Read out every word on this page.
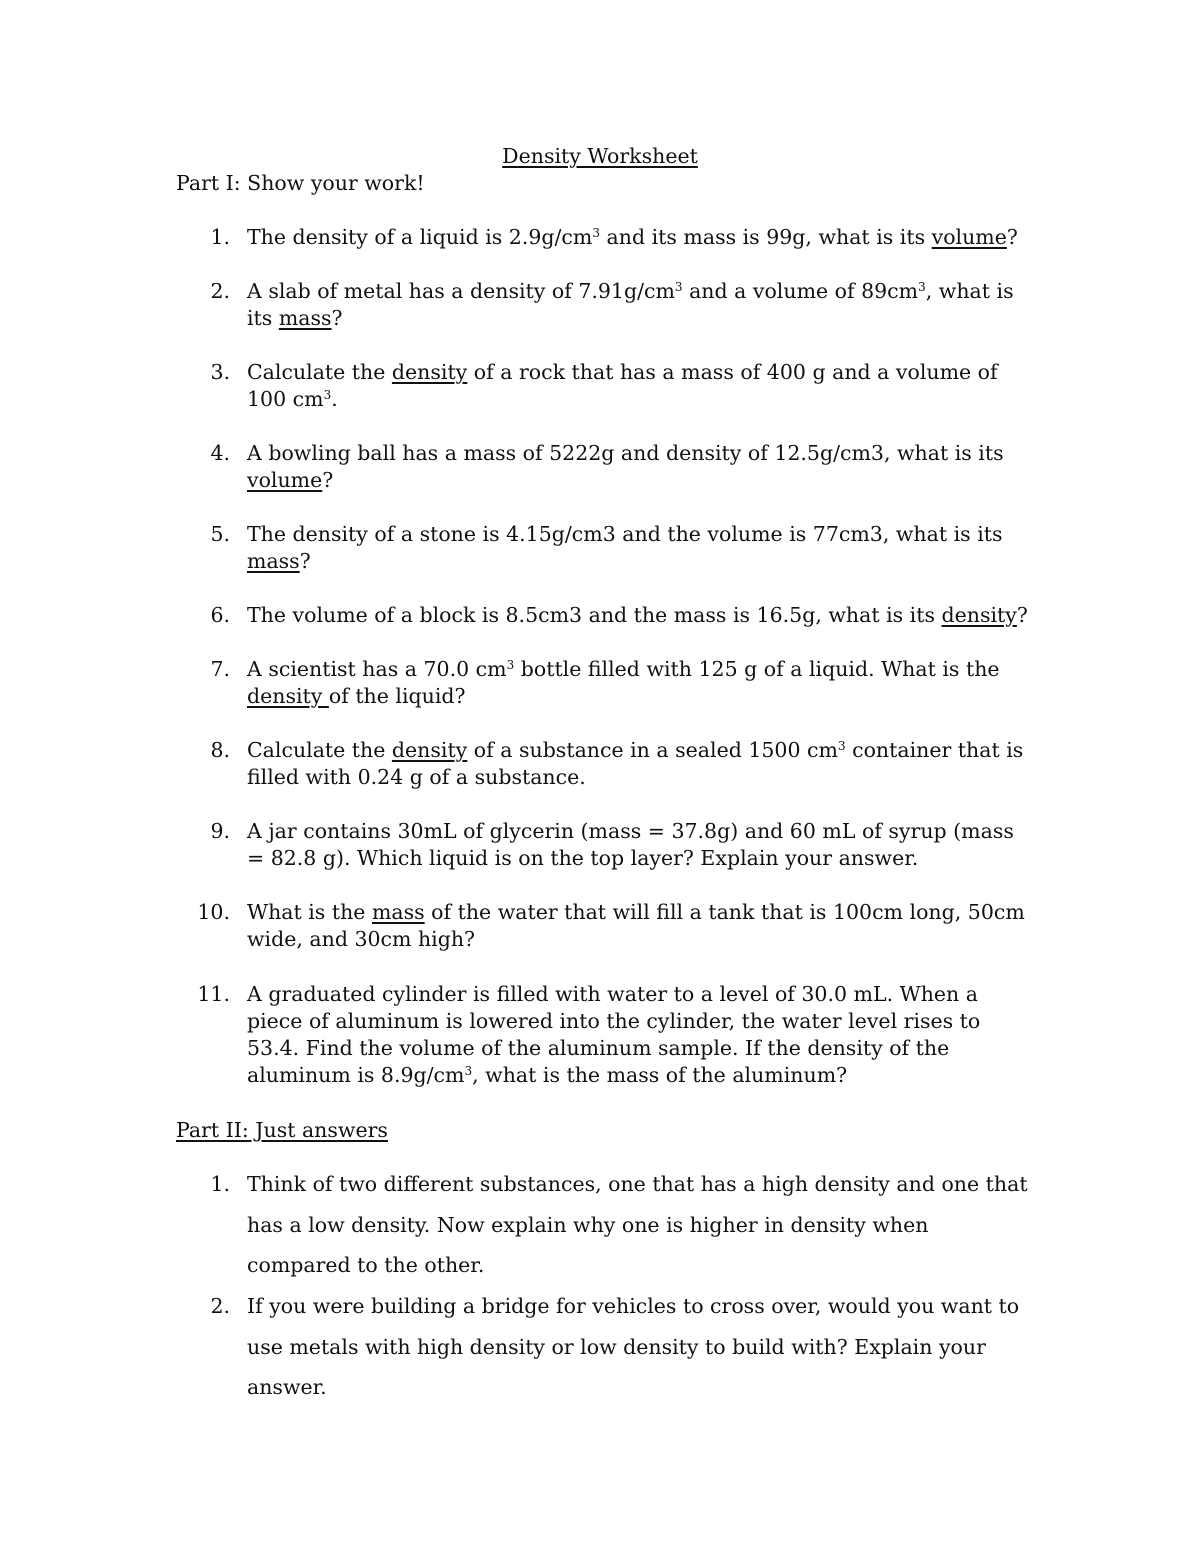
Density Worksheet
Part I: Show your work!
1. The density of a liquid is $2.9g/cm^3$ and its mass is 99g, what is its volume?
2. A slab of metal has a density of $7.91g/cm^3$ and a volume of $89cm^3$, what is its mass?
3. Calculate the density of a rock that has a mass of 400 g and a volume of 100 $cm^3$.
4. A bowling ball has a mass of 5222g and density of 12.5g/cm3, what is its volume?
5. The density of a stone is 4.15g/cm3 and the volume is 77cm3, what is its mass?
6. The volume of a block is 8.5cm3 and the mass is 16.5g, what is its density?
7. A scientist has a 70.0 $cm^3$ bottle filled with 125 g of a liquid. What is the density of the liquid?
8. Calculate the density of a substance in a sealed 1500 $cm^3$ container that is filled with 0.24 g of a substance.
9. A jar contains 30mL of glycerin (mass = 37.8g) and 60 mL of syrup (mass = 82.8 g). Which liquid is on the top layer? Explain your answer.
10. What is the mass of the water that will fill a tank that is 100cm long, 50cm wide, and 30cm high?
11. A graduated cylinder is filled with water to a level of 30.0 mL. When a piece of aluminum is lowered into the cylinder, the water level rises to 53.4. Find the volume of the aluminum sample. If the density of the aluminum is $8.9g/cm^3$, what is the mass of the aluminum?
Part II: Just answers
1. Think of two different substances, one that has a high density and one that has a low density. Now explain why one is higher in density when compared to the other.
2. If you were building a bridge for vehicles to cross over, would you want to use metals with high density or low density to build with? Explain your answer.
